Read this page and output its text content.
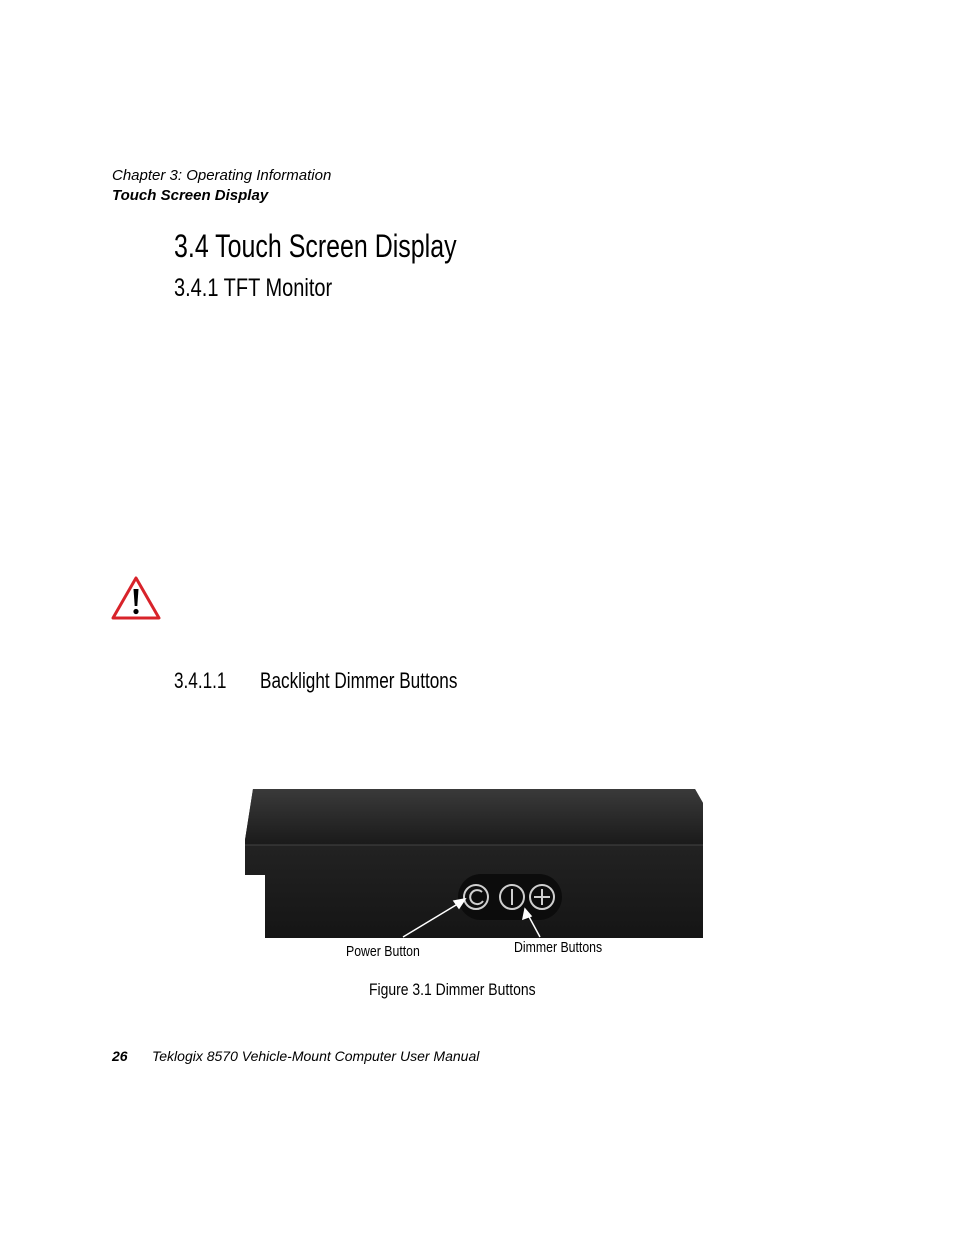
Chapter 3: Operating Information
Touch Screen Display
3.4 Touch Screen Display
3.4.1 TFT Monitor
3.4.1.1 Backlight Dimmer Buttons
Power Button	Dimmer Buttons
Figure 3.1 Dimmer Buttons
26 Teklogix 8570 Vehicle-Mount Computer User Manual
